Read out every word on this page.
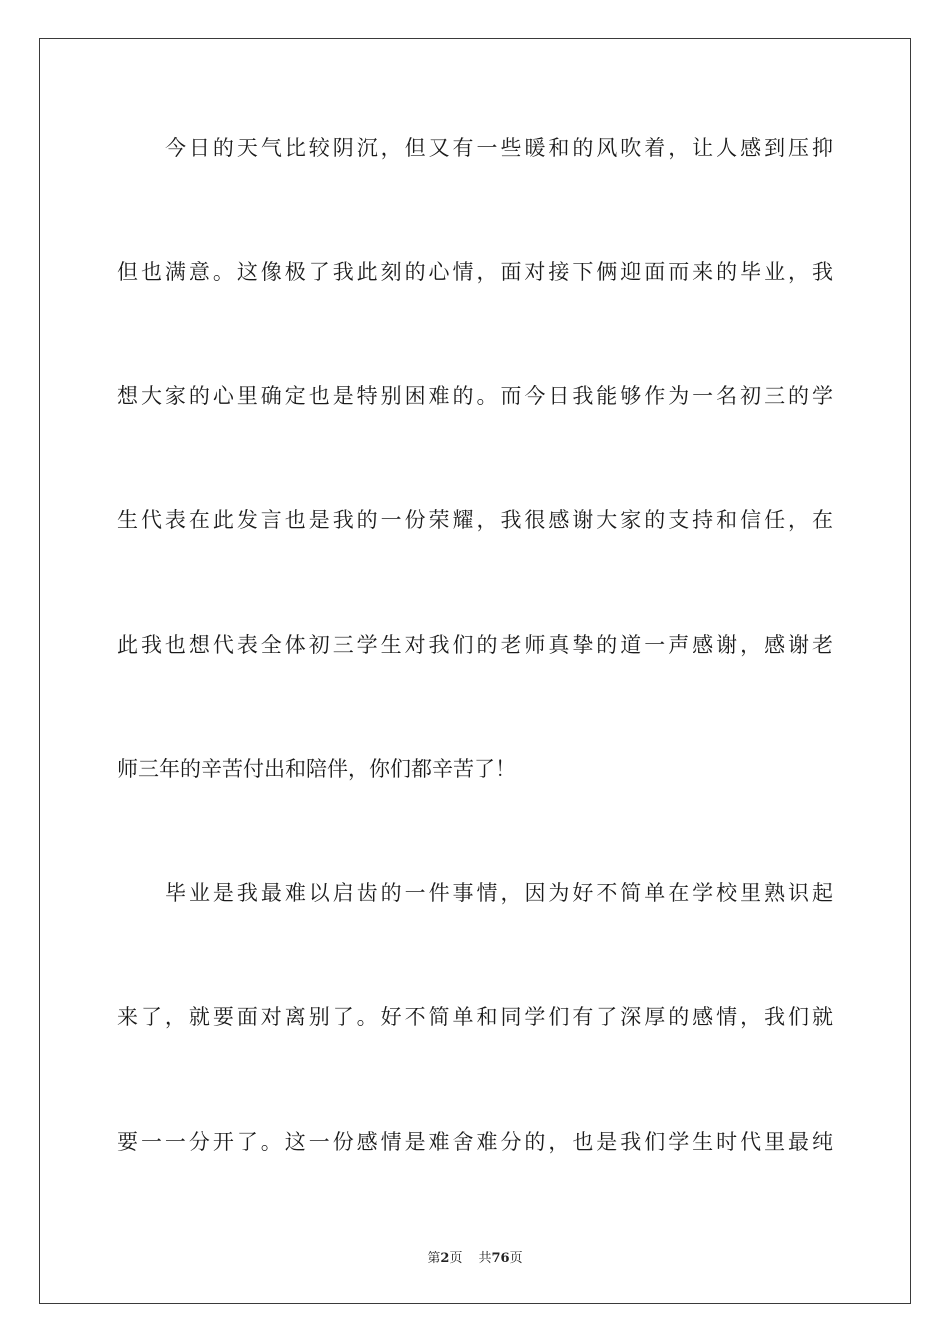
今日的天气比较阴沉，但又有一些暖和的风吹着，让人感到压抑
但也满意。这像极了我此刻的心情，面对接下俩迎面而来的毕业，我
想大家的心里确定也是特别困难的。而今日我能够作为一名初三的学
生代表在此发言也是我的一份荣耀，我很感谢大家的支持和信任，在
此我也想代表全体初三学生对我们的老师真挚的道一声感谢，感谢老
师三年的辛苦付出和陪伴，你们都辛苦了！
毕业是我最难以启齿的一件事情，因为好不简单在学校里熟识起
来了，就要面对离别了。好不简单和同学们有了深厚的感情，我们就
要一一分开了。这一份感情是难舍难分的，也是我们学生时代里最纯
第2页 共76页
